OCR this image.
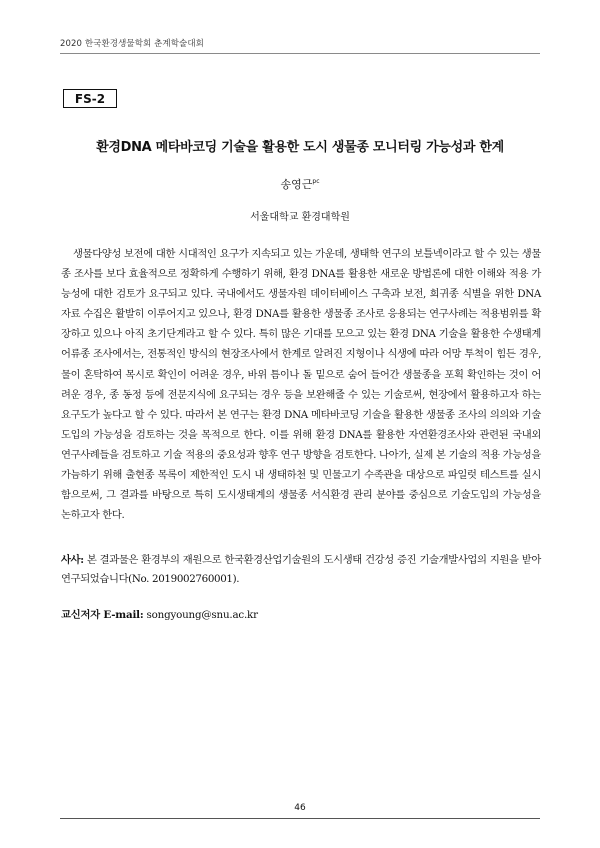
2020 한국환경생물학회 춘계학술대회
FS-2
환경DNA 메타바코딩 기술을 활용한 도시 생물종 모니터링 가능성과 한계
송영근$^{pc}$
서울대학교 환경대학원

생물다양성 보전에 대한 시대적인 요구가 지속되고 있는 가운데, 생태학 연구의 보틀넥이라고 할 수 있는 생물종 조사를 보다 효율적으로 정확하게 수행하기 위해, 환경 DNA를 활용한 새로운 방법론에 대한 이해와 적용 가능성에 대한 검토가 요구되고 있다. 국내에서도 생물자원 데이터베이스 구축과 보전, 희귀종 식별을 위한 DNA 자료 수집은 활발히 이루어지고 있으나, 환경 DNA를 활용한 생물종 조사로 응용되는 연구사례는 적용범위를 확장하고 있으나 아직 초기단계라고 할 수 있다. 특히 많은 기대를 모으고 있는 환경 DNA 기술을 활용한 수생태계 어류종 조사에서는, 전통적인 방식의 현장조사에서 한계로 알려진 지형이나 식생에 따라 어망 투척이 힘든 경우, 물이 혼탁하여 목시로 확인이 어려운 경우, 바위 틈이나 돌 밑으로 숨어 들어간 생물종을 포획 확인하는 것이 어려운 경우, 종 동정 등에 전문지식에 요구되는 경우 등을 보완해줄 수 있는 기술로써, 현장에서 활용하고자 하는 요구도가 높다고 할 수 있다. 따라서 본 연구는 환경 DNA 메타바코딩 기술을 활용한 생물종 조사의 의의와 기술 도입의 가능성을 검토하는 것을 목적으로 한다. 이를 위해 환경 DNA를 활용한 자연환경조사와 관련된 국내외 연구사례들을 검토하고 기술 적용의 중요성과 향후 연구 방향을 검토한다. 나아가, 실제 본 기술의 적용 가능성을 가늠하기 위해 출현종 목록이 제한적인 도시 내 생태하천 및 민물고기 수족관을 대상으로 파일럿 테스트를 실시함으로써, 그 결과를 바탕으로 특히 도시생태계의 생물종 서식환경 관리 분야를 중심으로 기술도입의 가능성을 논하고자 한다.

사사: 본 결과물은 환경부의 재원으로 한국환경산업기술원의 도시생태 건강성 증진 기술개발사업의 지원을 받아 연구되었습니다(No. 2019002760001).

교신저자 E-mail: songyoung@snu.ac.kr
46
